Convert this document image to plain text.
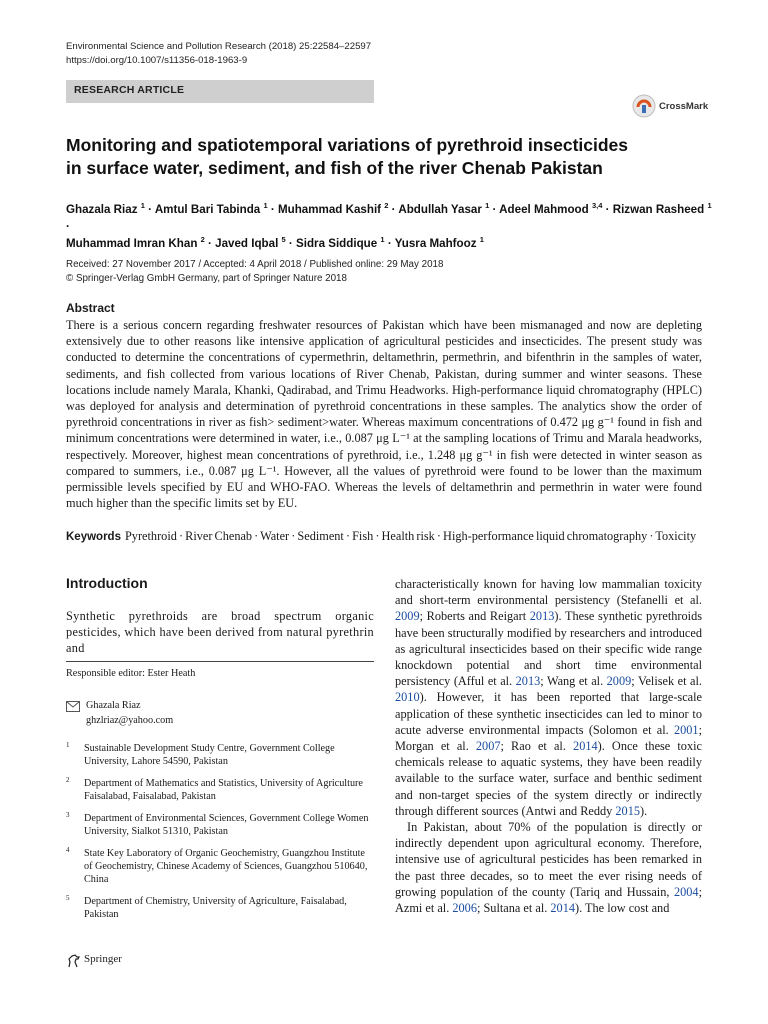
Environmental Science and Pollution Research (2018) 25:22584–22597
https://doi.org/10.1007/s11356-018-1963-9
RESEARCH ARTICLE
CrossMark
Monitoring and spatiotemporal variations of pyrethroid insecticides
in surface water, sediment, and fish of the river Chenab Pakistan
Ghazala Riaz $^1$ · Amtul Bari Tabinda $^1$ · Muhammad Kashif $^2$ · Abdullah Yasar $^1$ · Adeel Mahmood $^{3,4}$ · Rizwan Rasheed $^1$ ·
Muhammad Imran Khan $^2$ · Javed Iqbal $^5$ · Sidra Siddique $^1$ · Yusra Mahfooz $^1$
Received: 27 November 2017 / Accepted: 4 April 2018 / Published online: 29 May 2018
© Springer-Verlag GmbH Germany, part of Springer Nature 2018
Abstract
There is a serious concern regarding freshwater resources of Pakistan which have been mismanaged and now are depleting extensively due to other reasons like intensive application of agricultural pesticides and insecticides. The present study was conducted to determine the concentrations of cypermethrin, deltamethrin, permethrin, and bifenthrin in the samples of water, sediments, and fish collected from various locations of River Chenab, Pakistan, during summer and winter seasons. These locations include namely Marala, Khanki, Qadirabad, and Trimu Headworks. High-performance liquid chromatography (HPLC) was deployed for analysis and determination of pyrethroid concentrations in these samples. The analytics show the order of pyrethroid concentrations in river as fish> sediment>water. Whereas maximum concentrations of 0.472 μg g⁻¹ found in fish and minimum concentrations were determined in water, i.e., 0.087 μg L⁻¹ at the sampling locations of Trimu and Marala headworks, respectively. Moreover, highest mean concentrations of pyrethroid, i.e., 1.248 μg g⁻¹ in fish were detected in winter season as compared to summers, i.e., 0.087 μg L⁻¹. However, all the values of pyrethroid were found to be lower than the maximum permissible levels specified by EU and WHO-FAO. Whereas the levels of deltamethrin and permethrin in water were found much higher than the specific limits set by EU.
Keywords Pyrethroid · River Chenab · Water · Sediment · Fish · Health risk · High-performance liquid chromatography · Toxicity
Introduction
Synthetic pyrethroids are broad spectrum organic pesticides, which have been derived from natural pyrethrin and
Responsible editor: Ester Heath
Ghazala Riaz
ghzlriaz@yahoo.com
1 Sustainable Development Study Centre, Government College University, Lahore 54590, Pakistan
2 Department of Mathematics and Statistics, University of Agriculture Faisalabad, Faisalabad, Pakistan
3 Department of Environmental Sciences, Government College Women University, Sialkot 51310, Pakistan
4 State Key Laboratory of Organic Geochemistry, Guangzhou Institute of Geochemistry, Chinese Academy of Sciences, Guangzhou 510640, China
5 Department of Chemistry, University of Agriculture, Faisalabad, Pakistan

characteristically known for having low mammalian toxicity and short-term environmental persistency (Stefanelli et al. 2009; Roberts and Reigart 2013). These synthetic pyrethroids have been structurally modified by researchers and introduced as agricultural insecticides based on their specific wide range knockdown potential and short time environmental persistency (Afful et al. 2013; Wang et al. 2009; Velisek et al. 2010). However, it has been reported that large-scale application of these synthetic insecticides can led to minor to acute adverse environmental impacts (Solomon et al. 2001; Morgan et al. 2007; Rao et al. 2014). Once these toxic chemicals release to aquatic systems, they have been readily available to the surface water, surface and benthic sediment and non-target species of the system directly or indirectly through different sources (Antwi and Reddy 2015).

In Pakistan, about 70% of the population is directly or indirectly dependent upon agricultural economy. Therefore, intensive use of agricultural pesticides has been remarked in the past three decades, so to meet the ever rising needs of growing population of the county (Tariq and Hussain, 2004; Azmi et al. 2006; Sultana et al. 2014). The low cost and

Springer
